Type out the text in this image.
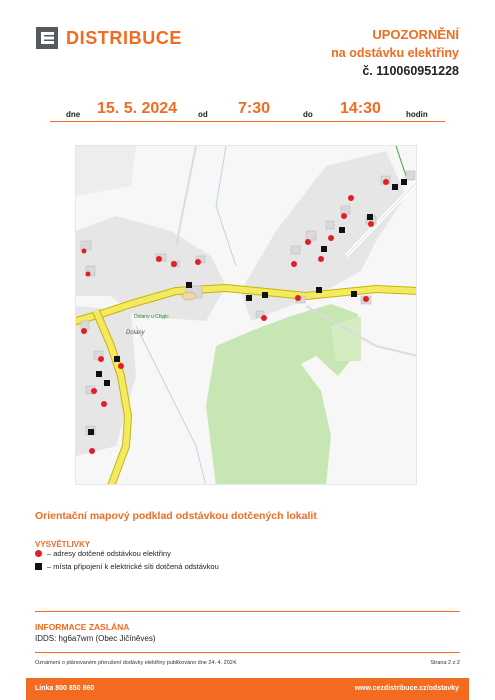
DISTRIBUCE	UPOZORNĚNÍ
na odstávku elektřiny
č. 110060951228
dne 15. 5. 2024	od 7:30	do 14:30	hodin
Dolany u Chyjic
Dolany
Orientační mapový podklad odstávkou dotčených lokalit
VYSVĚTLIVKY
– adresy dotčené odstávkou elektřiny
– místa připojení k elektrické síti dotčená odstávkou
INFORMACE ZASLÁNA
IDDS: hg6a7wm (Obec Jičíněves)
Oznámení o plánovaném přerušení dodávky elektřiny publikováno dne 24. 4. 2024.	Strana 2 z 2
Linka 800 850 860	www.cezdistribuce.cz/odstavky
